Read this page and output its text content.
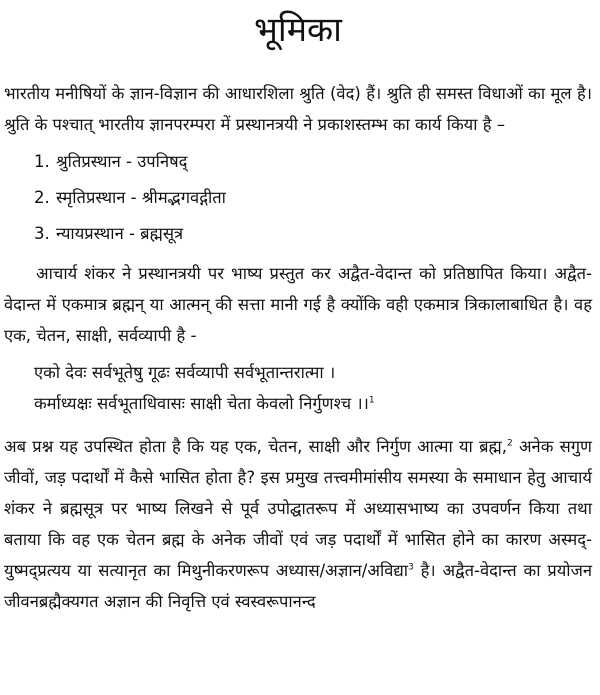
भूमिका

भारतीय मनीषियों के ज्ञान-विज्ञान की आधारशिला श्रुति (वेद) हैं। श्रुति ही समस्त विधाओं का मूल है। श्रुति के पश्चात् भारतीय ज्ञानपरम्परा में प्रस्थानत्रयी ने प्रकाशस्तम्भ का कार्य किया है –

1. श्रुतिप्रस्थान - उपनिषद्
2. स्मृतिप्रस्थान - श्रीमद्भगवद्गीता
3. न्यायप्रस्थान - ब्रह्मसूत्र

आचार्य शंकर ने प्रस्थानत्रयी पर भाष्य प्रस्तुत कर अद्वैत-वेदान्त को प्रतिष्ठापित किया। अद्वैत-वेदान्त में एकमात्र ब्रह्मन् या आत्मन् की सत्ता मानी गई है क्योंकि वही एकमात्र त्रिकालाबाधित है। वह एक, चेतन, साक्षी, सर्वव्यापी है -

एको देवः सर्वभूतेषु गूढः सर्वव्यापी सर्वभूतान्तरात्मा ।
कर्माध्यक्षः सर्वभूताधिवासः साक्षी चेता केवलो निर्गुणश्च ।।$^1$

अब प्रश्न यह उपस्थित होता है कि यह एक, चेतन, साक्षी और निर्गुण आत्मा या ब्रह्म,$^2$ अनेक सगुण जीवों, जड़ पदार्थों में कैसे भासित होता है? इस प्रमुख तत्त्वमीमांसीय समस्या के समाधान हेतु आचार्य शंकर ने ब्रह्मसूत्र पर भाष्य लिखने से पूर्व उपोद्घातरूप में अध्यासभाष्य का उपवर्णन किया तथा बताया कि वह एक चेतन ब्रह्म के अनेक जीवों एवं जड़ पदार्थों में भासित होने का कारण अस्मद्-युष्मद्प्रत्यय या सत्यानृत का मिथुनीकरणरूप अध्यास/अज्ञान/अविद्या$^3$ है। अद्वैत-वेदान्त का प्रयोजन जीवनब्रह्मैक्यगत अज्ञान की निवृत्ति एवं स्वस्वरूपानन्द
